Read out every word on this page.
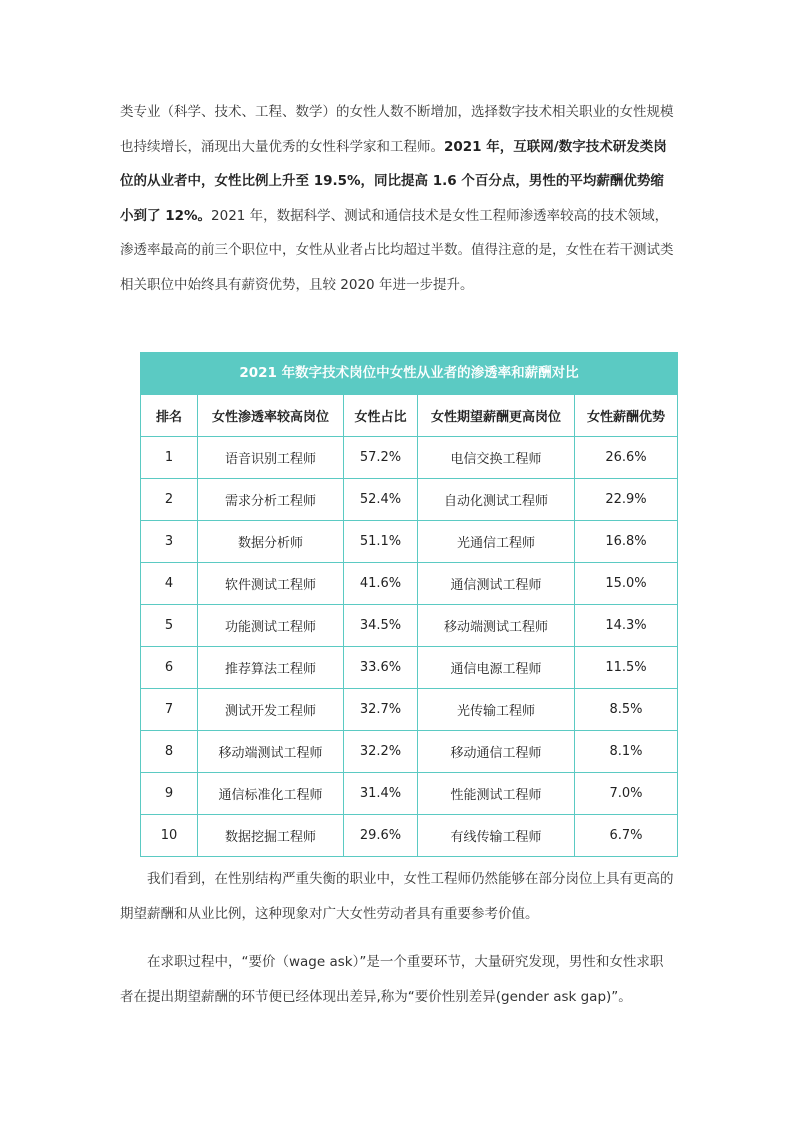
类专业（科学、技术、工程、数学）的女性人数不断增加，选择数字技术相关职业的女性规模也持续增长，涌现出大量优秀的女性科学家和工程师。2021 年，互联网/数字技术研发类岗位的从业者中，女性比例上升至 19.5%，同比提高 1.6 个百分点，男性的平均薪酬优势缩小到了 12%。2021 年，数据科学、测试和通信技术是女性工程师渗透率较高的技术领域，渗透率最高的前三个职位中，女性从业者占比均超过半数。值得注意的是，女性在若干测试类相关职位中始终具有薪资优势，且较 2020 年进一步提升。

2021 年数字技术岗位中女性从业者的渗透率和薪酬对比
排名	女性渗透率较高岗位	女性占比	女性期望薪酬更高岗位	女性薪酬优势
1	语音识别工程师	57.2%	电信交换工程师	26.6%
2	需求分析工程师	52.4%	自动化测试工程师	22.9%
3	数据分析师	51.1%	光通信工程师	16.8%
4	软件测试工程师	41.6%	通信测试工程师	15.0%
5	功能测试工程师	34.5%	移动端测试工程师	14.3%
6	推荐算法工程师	33.6%	通信电源工程师	11.5%
7	测试开发工程师	32.7%	光传输工程师	8.5%
8	移动端测试工程师	32.2%	移动通信工程师	8.1%
9	通信标准化工程师	31.4%	性能测试工程师	7.0%
10	数据挖掘工程师	29.6%	有线传输工程师	6.7%

我们看到，在性别结构严重失衡的职业中，女性工程师仍然能够在部分岗位上具有更高的期望薪酬和从业比例，这种现象对广大女性劳动者具有重要参考价值。

在求职过程中，“要价（wage ask）”是一个重要环节，大量研究发现，男性和女性求职者在提出期望薪酬的环节便已经体现出差异,称为“要价性别差异(gender ask gap)”。
